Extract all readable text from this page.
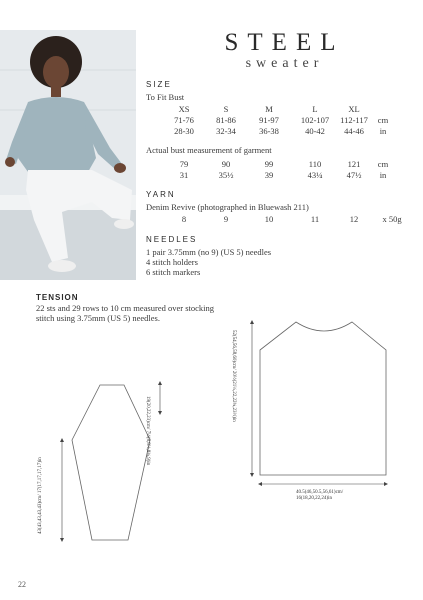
STEEL
sweater
SIZE
To Fit Bust
XS	S	M	L	XL
71-76	81-86	91-97	102-107	112-117	cm
28-30	32-34	36-38	40-42	44-46	in
Actual bust measurement of garment
79	90	99	110	121	cm
31	35½	39	43¼	47½	in
YARN
Denim Revive (photographed in Bluewash 211)
8	9	10	11	12	x 50g
NEEDLES
1 pair 3.75mm (no 9) (US 5) needles
4 stitch holders
6 stitch markers
TENSION
22 sts and 29 rows to 10 cm measured over stocking stitch using 3.75mm (US 5) needles.
19(20,22,23)cm/ 7½(8,8½,8¾,9)in
43(43,43,43,43)cm/ 17(17,17,17,17)in
52(54,56,58,60)cm/ 20½(21¼,22,22¾,23½)in
40.5(46,50.5,56,61)cm/
16(18,20,22,24)in
22
